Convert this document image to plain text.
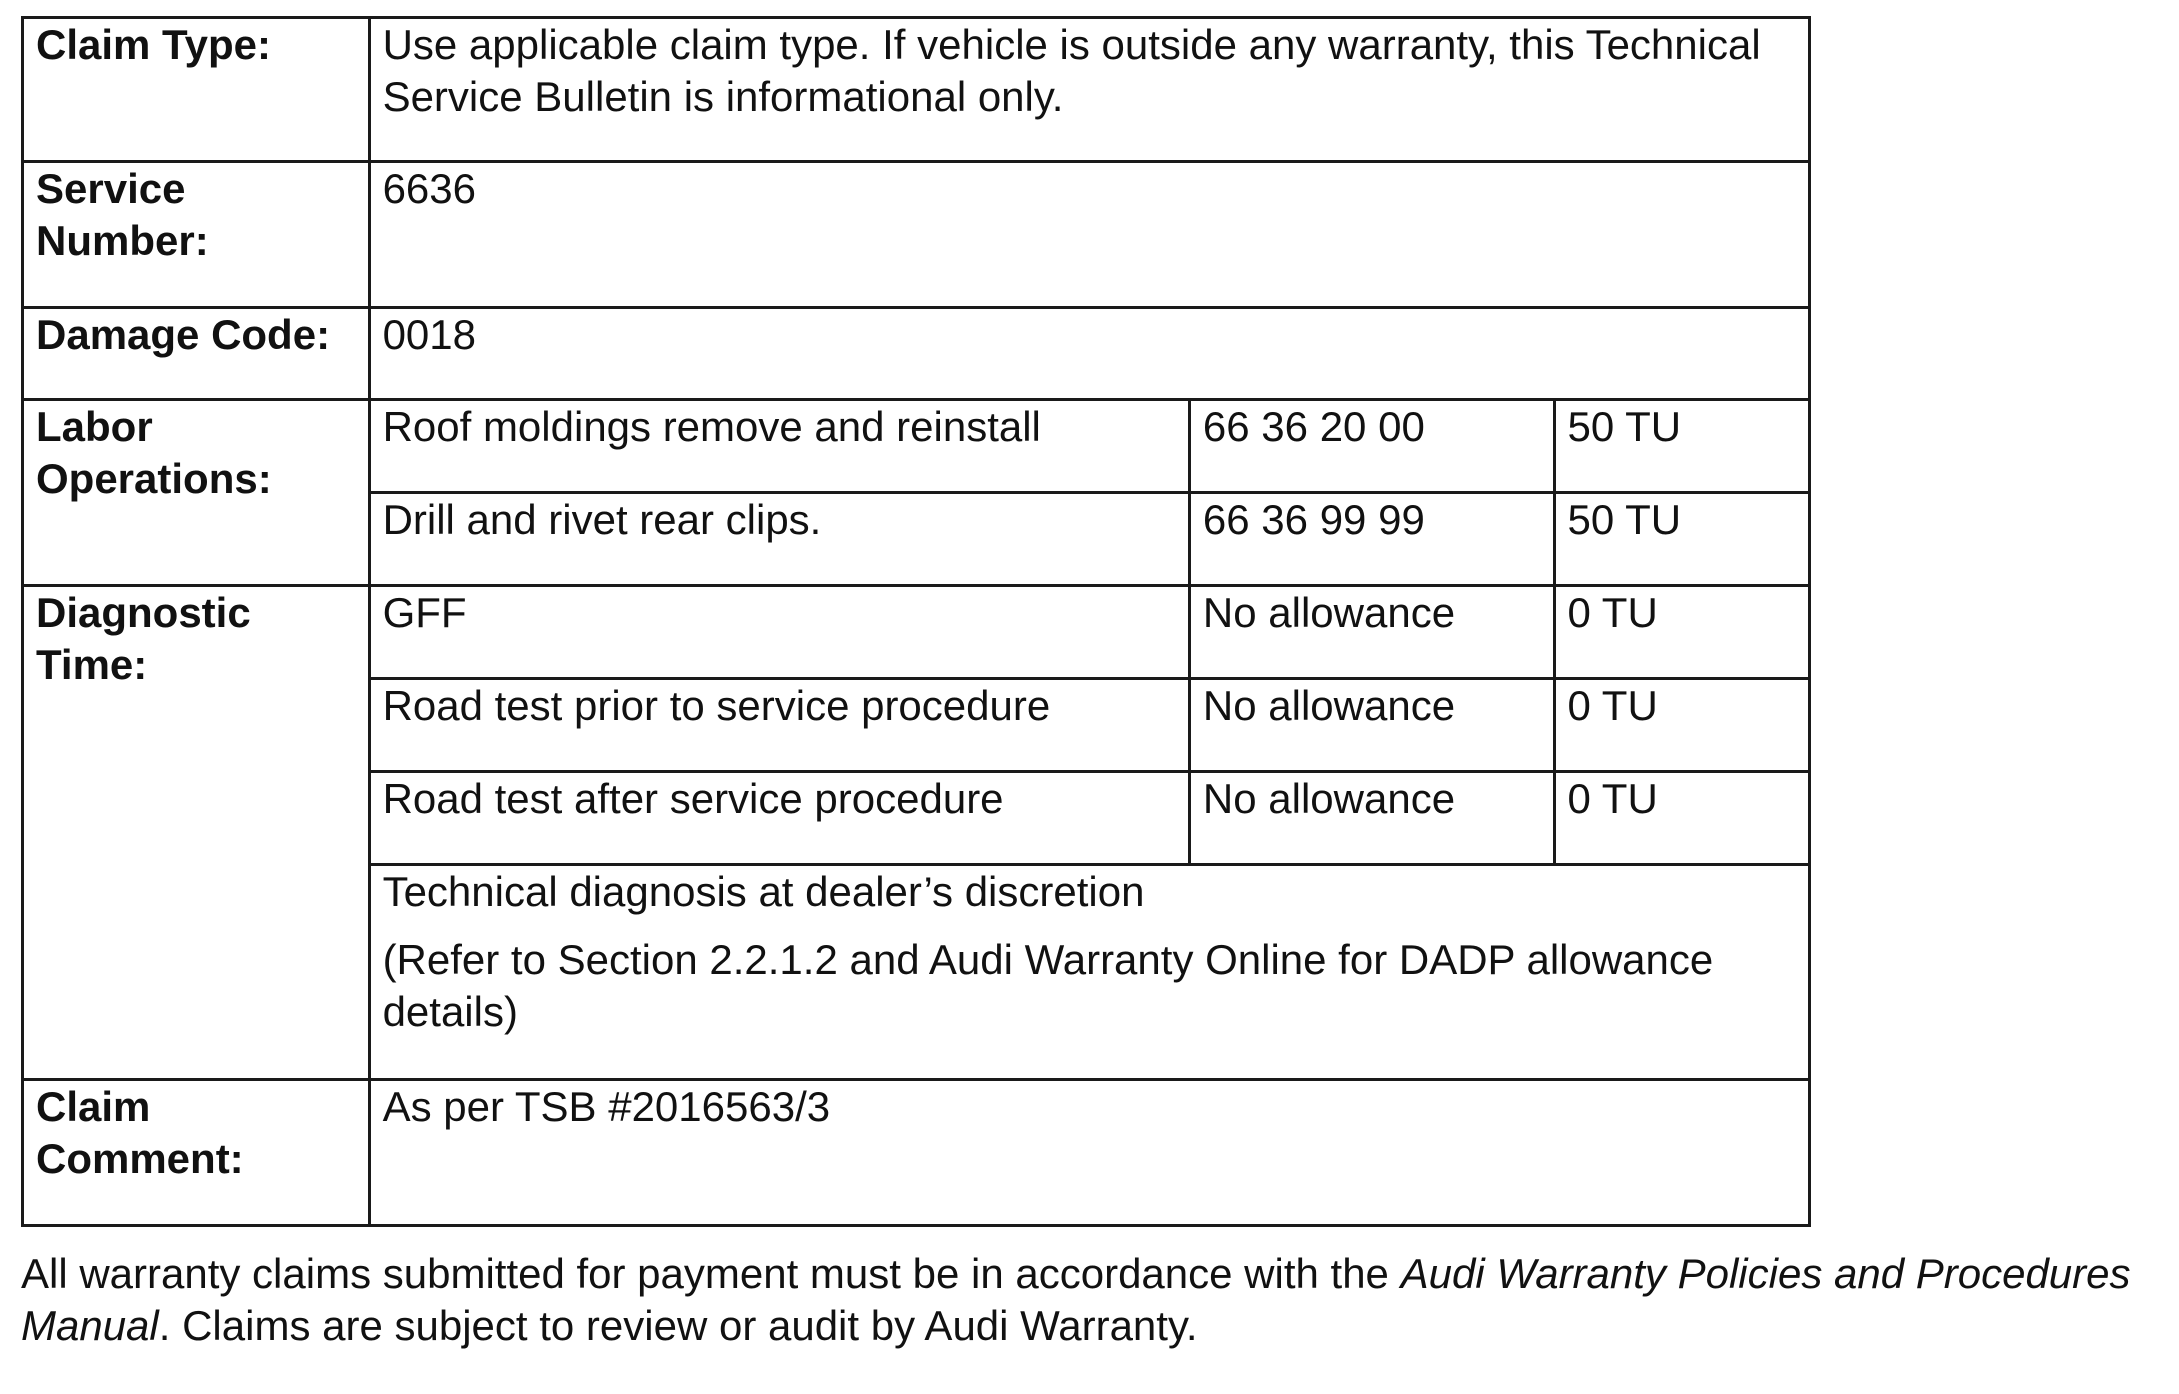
Claim Type:	Use applicable claim type. If vehicle is outside any warranty, this Technical Service Bulletin is informational only.		
Service Number:	6636		
Damage Code:	0018		
Labor Operations:	Roof moldings remove and reinstall	66 36 20 00	50 TU
	Drill and rivet rear clips.	66 36 99 99	50 TU
Diagnostic Time:	GFF	No allowance	0 TU
	Road test prior to service procedure	No allowance	0 TU
	Road test after service procedure	No allowance	0 TU

	Technical diagnosis at dealer’s discretion
(Refer to Section 2.2.1.2 and Audi Warranty Online for DADP allowance details)		

Claim Comment:	As per TSB #2016563/3		

All warranty claims submitted for payment must be in accordance with the Audi Warranty Policies and Procedures Manual. Claims are subject to review or audit by Audi Warranty.
